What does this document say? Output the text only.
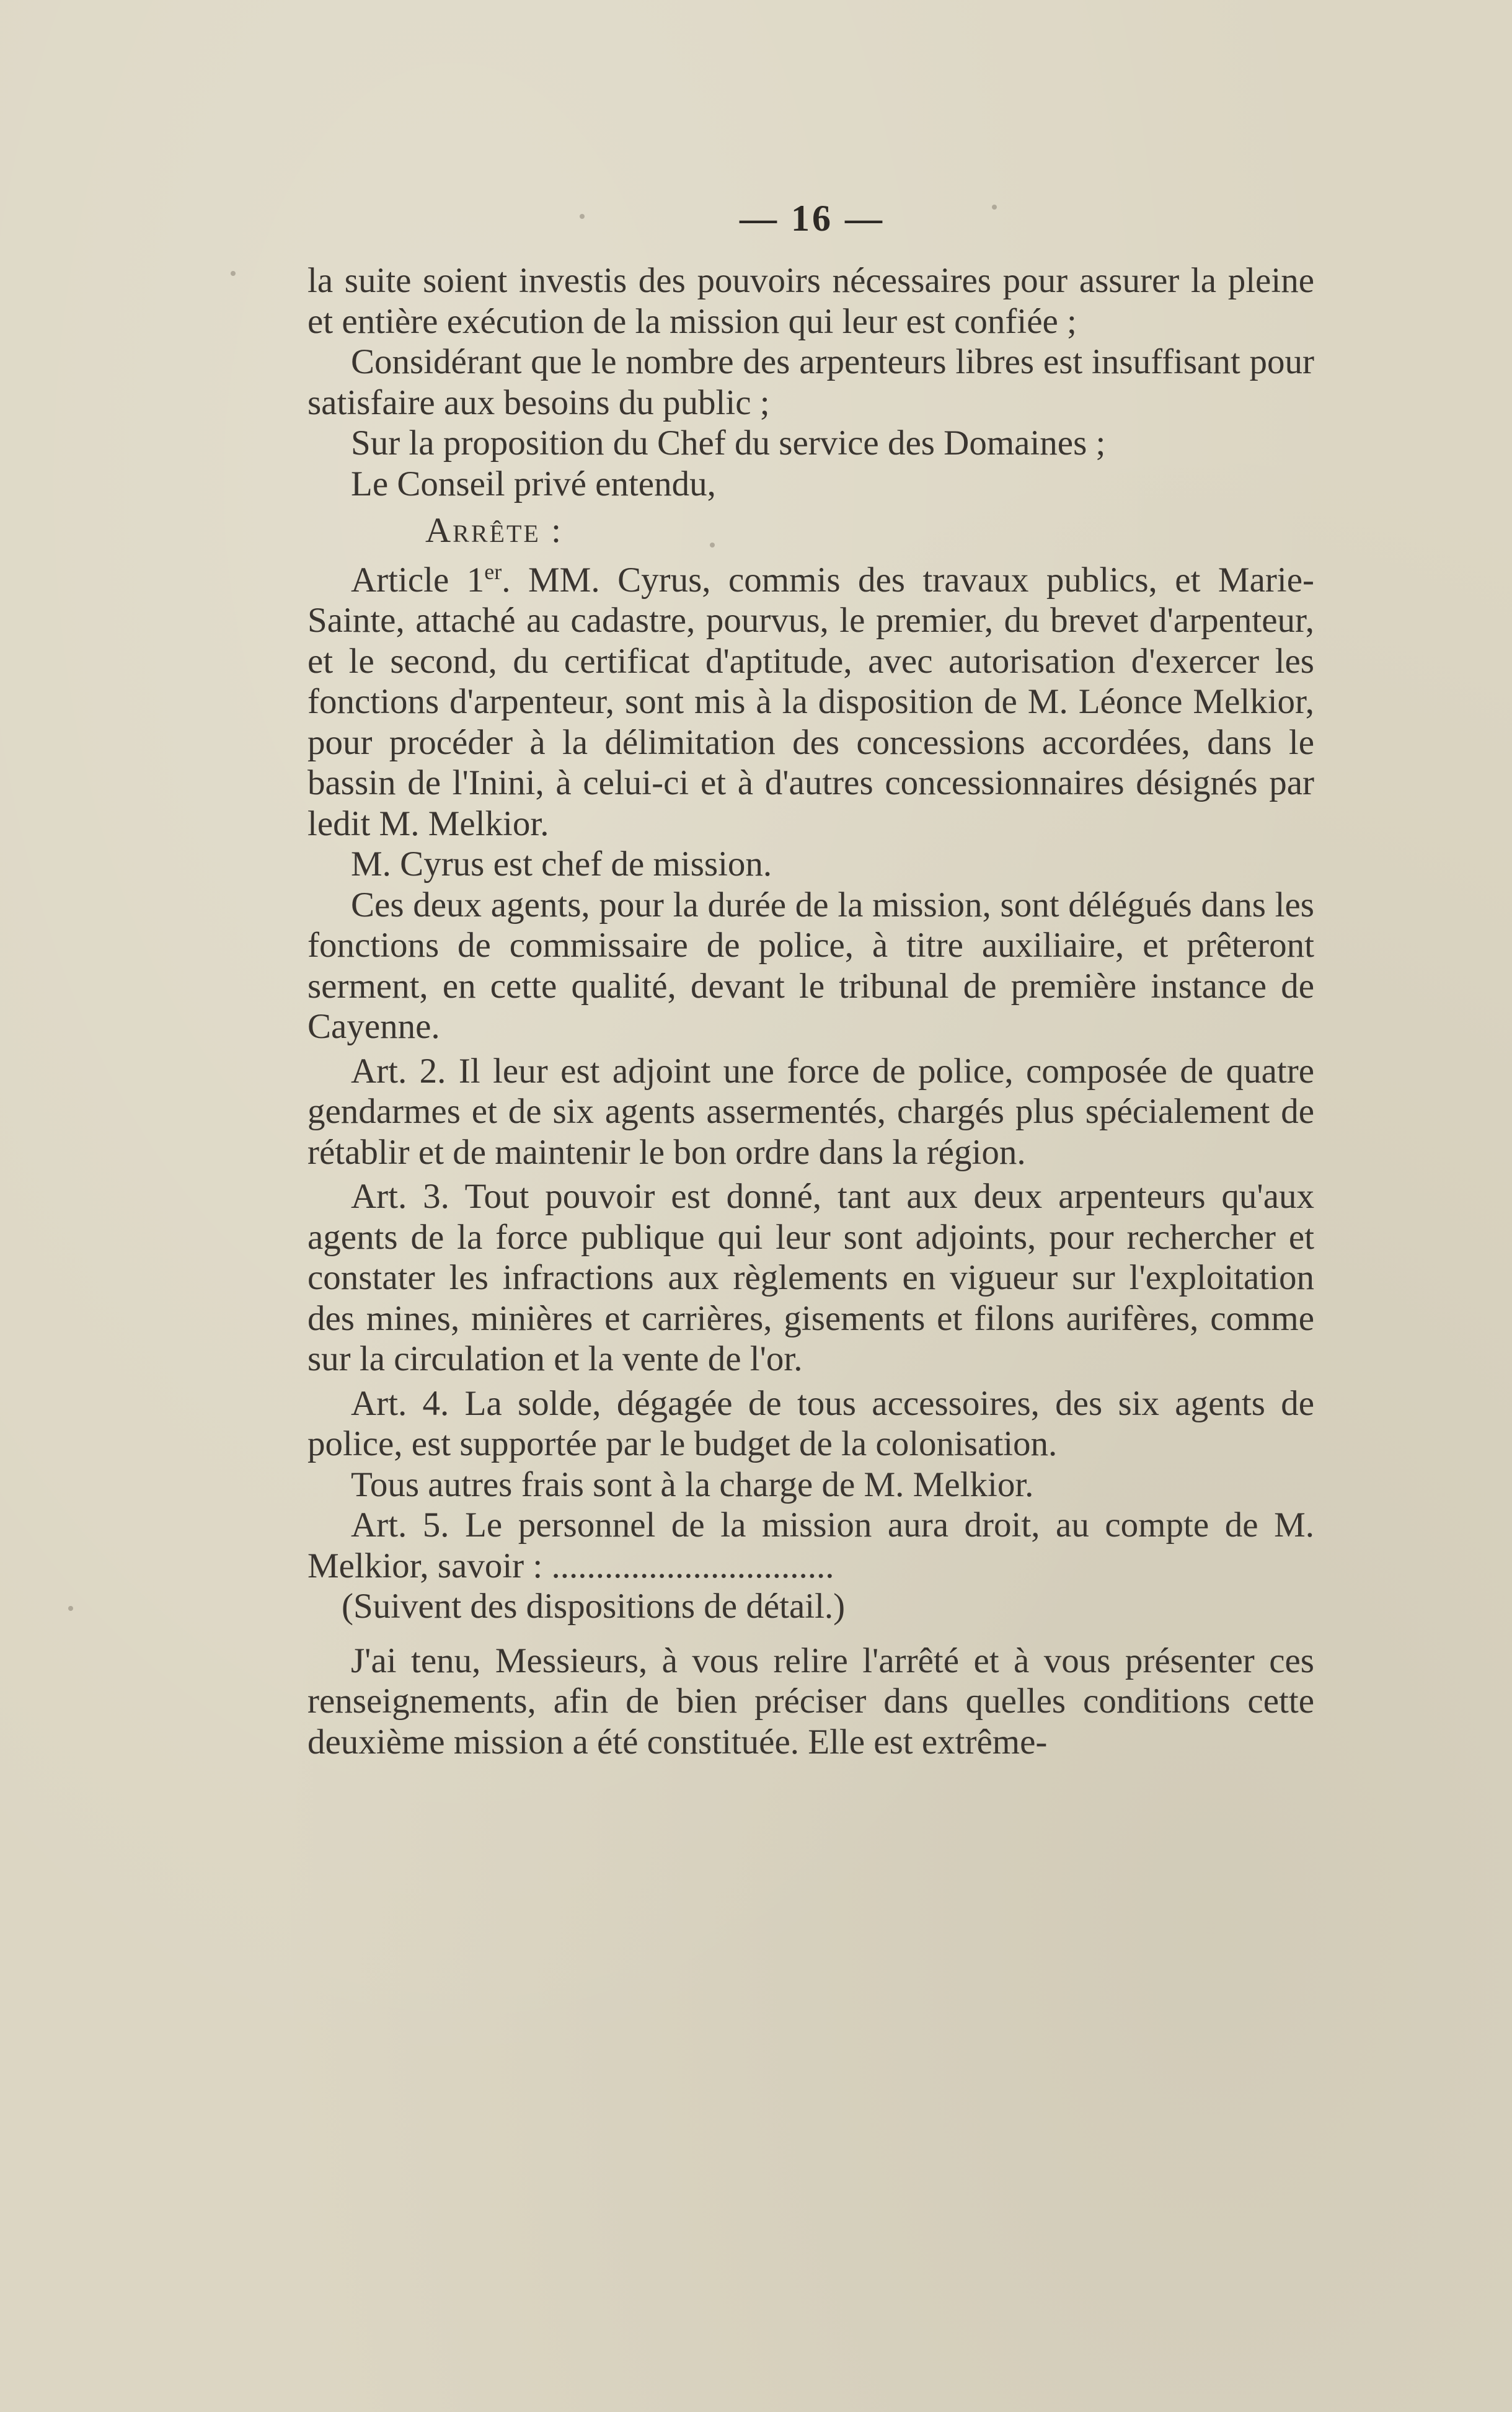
— 16 —

la suite soient investis des pouvoirs nécessaires pour assurer la pleine et entière exécution de la mission qui leur est confiée ;

Considérant que le nombre des arpenteurs libres est insuffisant pour satisfaire aux besoins du public ;

Sur la proposition du Chef du service des Domaines ;

Le Conseil privé entendu,

Arrête :

Article 1er. MM. Cyrus, commis des travaux publics, et Marie-Sainte, attaché au cadastre, pourvus, le premier, du brevet d'arpenteur, et le second, du certificat d'aptitude, avec autorisation d'exercer les fonctions d'arpenteur, sont mis à la disposition de M. Léonce Melkior, pour procéder à la délimitation des concessions accordées, dans le bassin de l'Inini, à celui-ci et à d'autres concessionnaires désignés par ledit M. Melkior.

M. Cyrus est chef de mission.

Ces deux agents, pour la durée de la mission, sont délégués dans les fonctions de commissaire de police, à titre auxiliaire, et prêteront serment, en cette qualité, devant le tribunal de première instance de Cayenne.

Art. 2. Il leur est adjoint une force de police, composée de quatre gendarmes et de six agents assermentés, chargés plus spécialement de rétablir et de maintenir le bon ordre dans la région.

Art. 3. Tout pouvoir est donné, tant aux deux arpenteurs qu'aux agents de la force publique qui leur sont adjoints, pour rechercher et constater les infractions aux règlements en vigueur sur l'exploitation des mines, minières et carrières, gisements et filons aurifères, comme sur la circulation et la vente de l'or.

Art. 4. La solde, dégagée de tous accessoires, des six agents de police, est supportée par le budget de la colonisation.

Tous autres frais sont à la charge de M. Melkior.

Art. 5. Le personnel de la mission aura droit, au compte de M. Melkior, savoir : ................................

(Suivent des dispositions de détail.)

J'ai tenu, Messieurs, à vous relire l'arrêté et à vous présenter ces renseignements, afin de bien préciser dans quelles conditions cette deuxième mission a été constituée. Elle est extrême-
